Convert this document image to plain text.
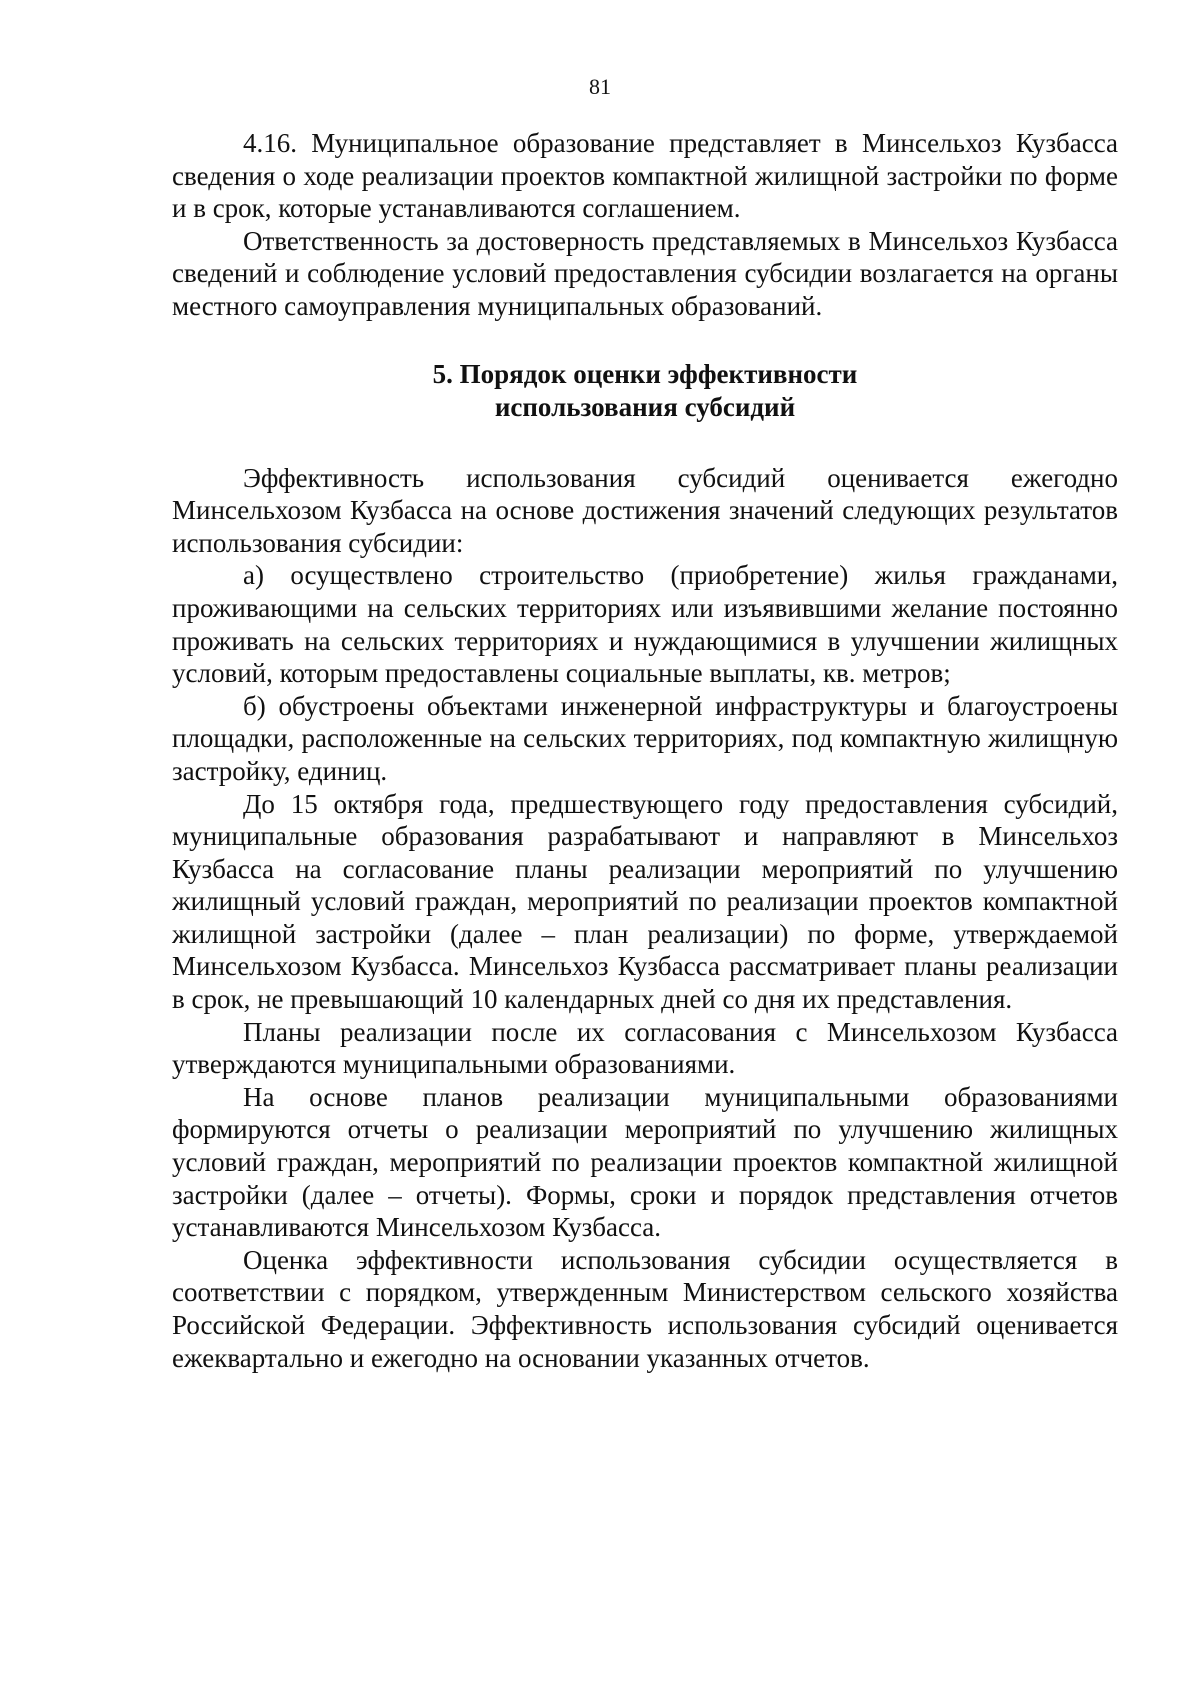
81

4.16. Муниципальное образование представляет в Минсельхоз Кузбасса сведения о ходе реализации проектов компактной жилищной застройки по форме и в срок, которые устанавливаются соглашением.

Ответственность за достоверность представляемых в Минсельхоз Кузбасса сведений и соблюдение условий предоставления субсидии возлагается на органы местного самоуправления муниципальных образований.

5. Порядок оценки эффективности
использования субсидий

Эффективность использования субсидий оценивается ежегодно Минсельхозом Кузбасса на основе достижения значений следующих результатов использования субсидии:

а) осуществлено строительство (приобретение) жилья гражданами, проживающими на сельских территориях или изъявившими желание постоянно проживать на сельских территориях и нуждающимися в улучшении жилищных условий, которым предоставлены социальные выплаты, кв. метров;

б) обустроены объектами инженерной инфраструктуры и благоустроены площадки, расположенные на сельских территориях, под компактную жилищную застройку, единиц.

До 15 октября года, предшествующего году предоставления субсидий, муниципальные образования разрабатывают и направляют в Минсельхоз Кузбасса на согласование планы реализации мероприятий по улучшению жилищный условий граждан, мероприятий по реализации проектов компактной жилищной застройки (далее – план реализации) по форме, утверждаемой Минсельхозом Кузбасса. Минсельхоз Кузбасса рассматривает планы реализации в срок, не превышающий 10 календарных дней со дня их представления.

Планы реализации после их согласования с Минсельхозом Кузбасса утверждаются муниципальными образованиями.

На основе планов реализации муниципальными образованиями формируются отчеты о реализации мероприятий по улучшению жилищных условий граждан, мероприятий по реализации проектов компактной жилищной застройки (далее – отчеты). Формы, сроки и порядок представления отчетов устанавливаются Минсельхозом Кузбасса.

Оценка эффективности использования субсидии осуществляется в соответствии с порядком, утвержденным Министерством сельского хозяйства Российской Федерации. Эффективность использования субсидий оценивается ежеквартально и ежегодно на основании указанных отчетов.
